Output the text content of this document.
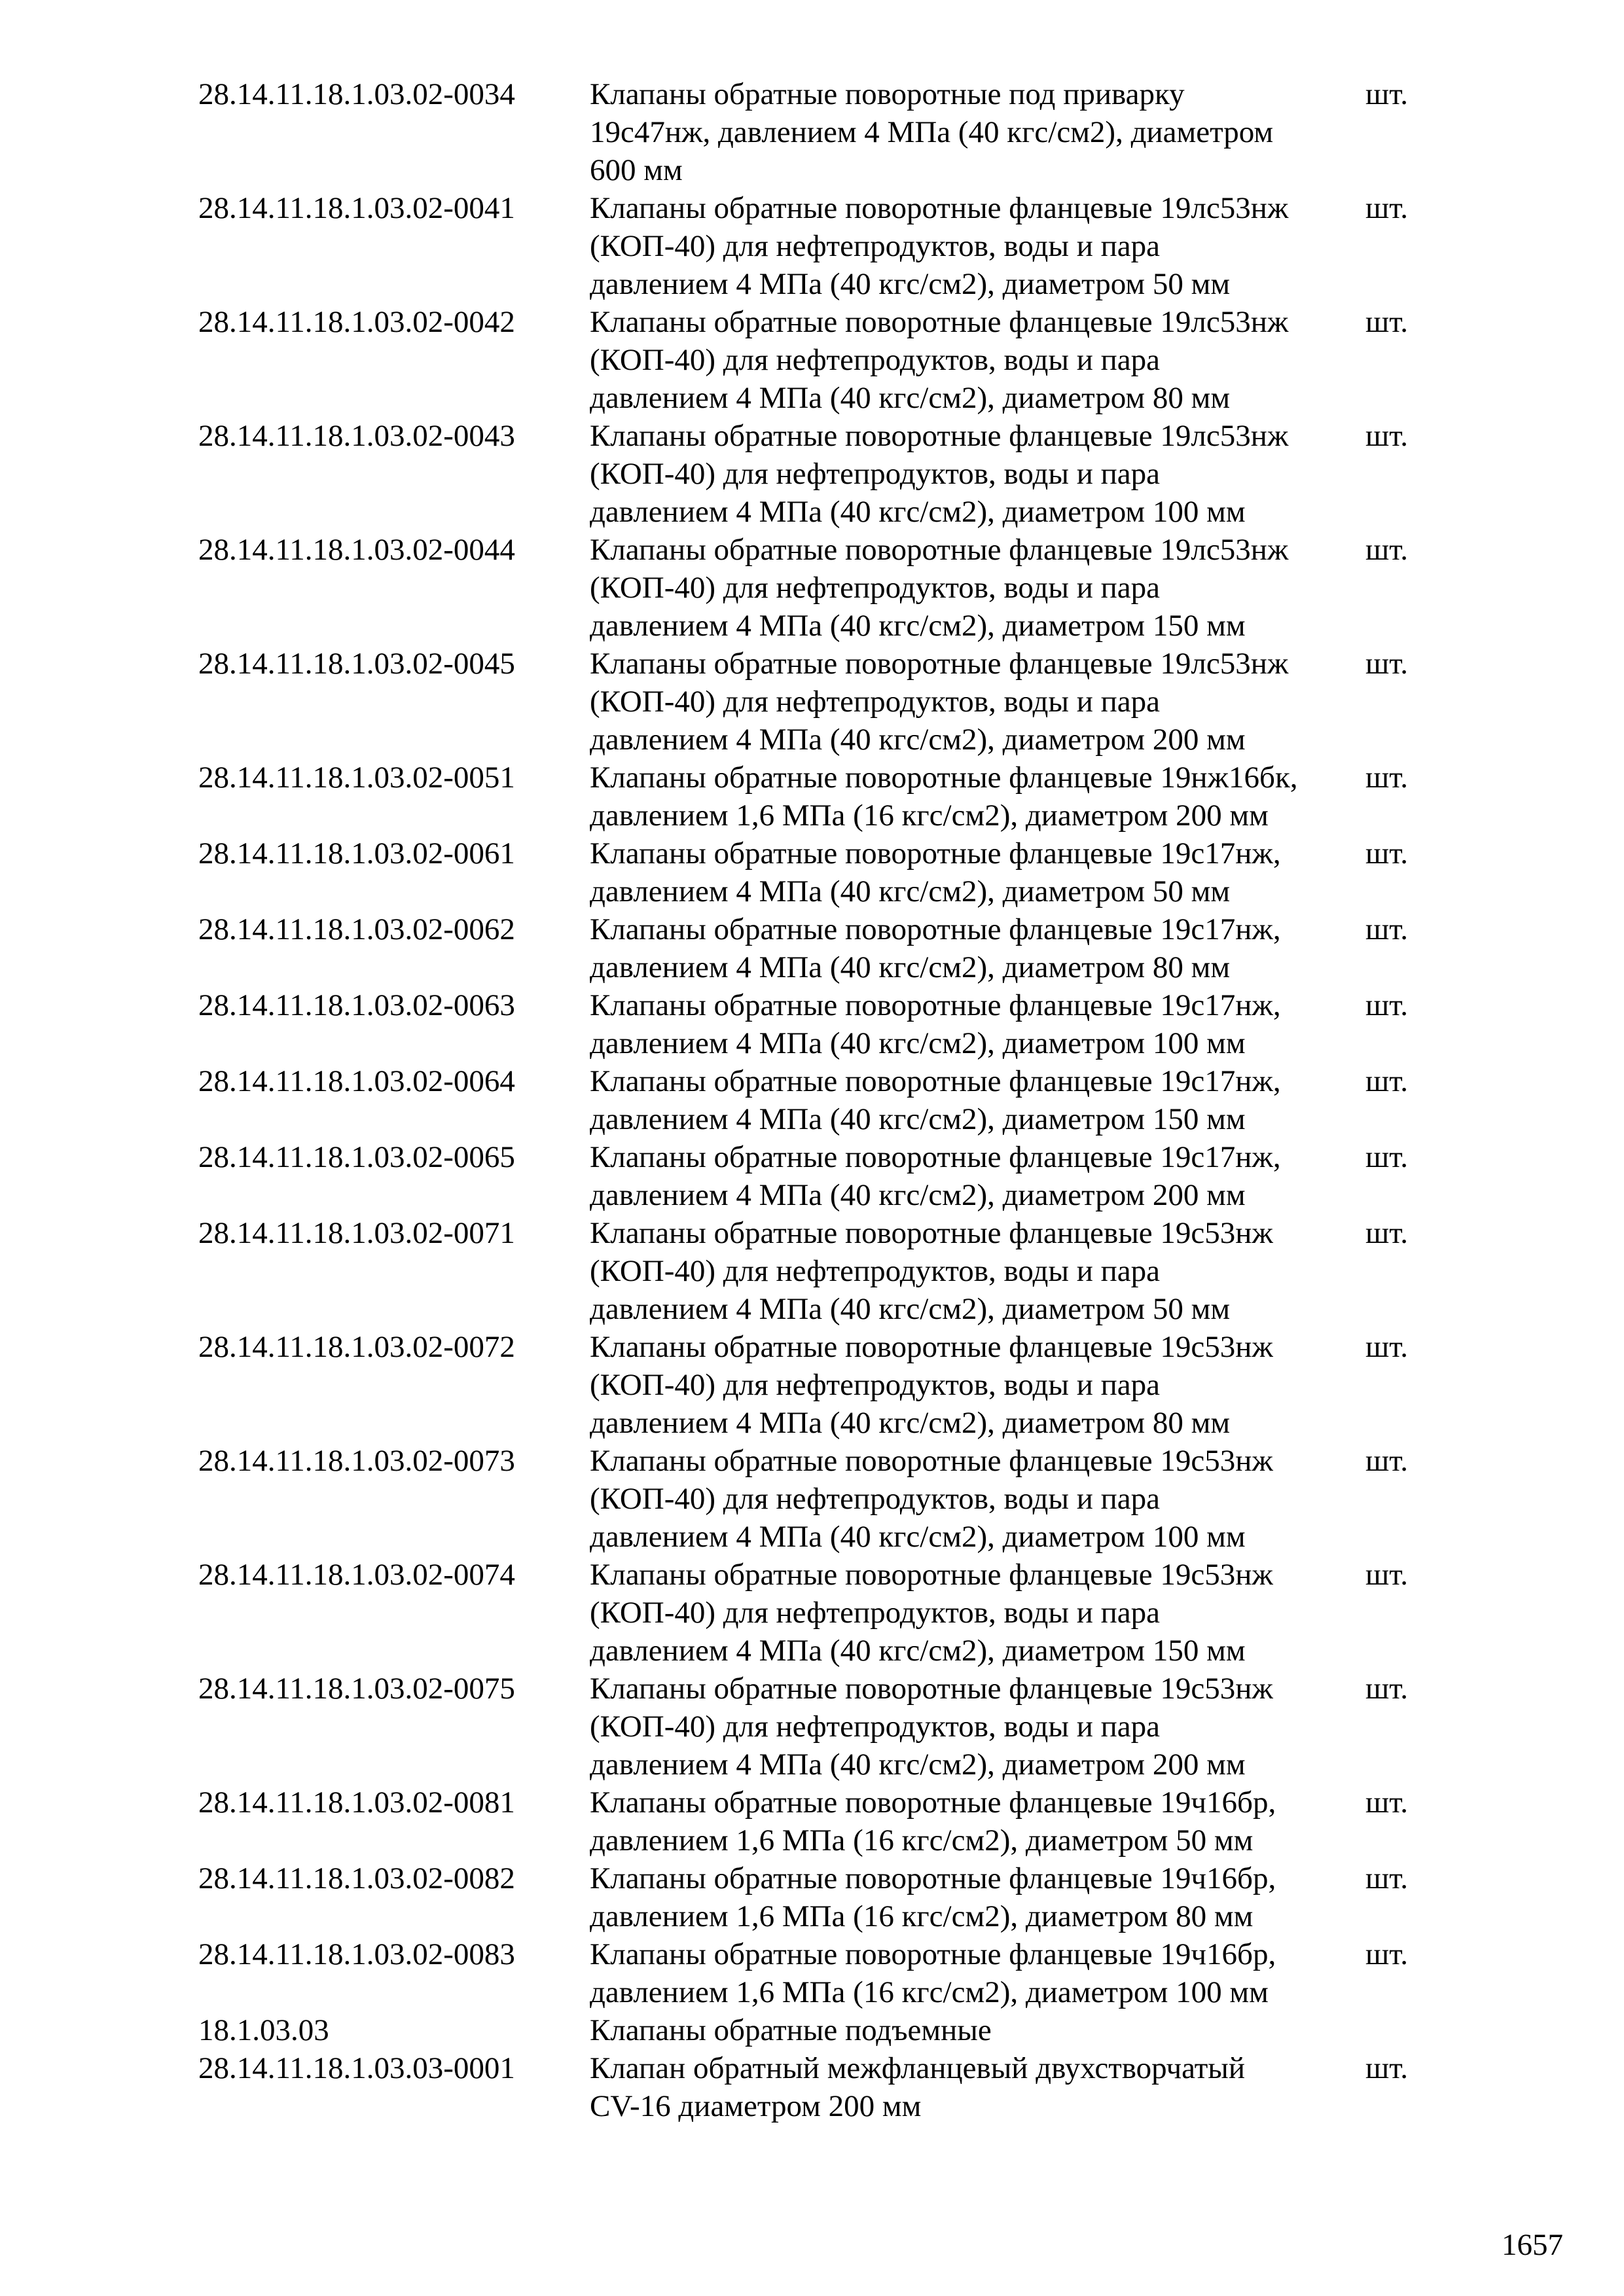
28.14.11.18.1.03.02-0034	Клапаны обратные поворотные под приварку
19с47нж, давлением 4 МПа (40 кгс/см2), диаметром
600 мм
шт.
28.14.11.18.1.03.02-0041	Клапаны обратные поворотные фланцевые 19лс53нж
(КОП-40) для нефтепродуктов, воды и пара
давлением 4 МПа (40 кгс/см2), диаметром 50 мм
шт.
28.14.11.18.1.03.02-0042	Клапаны обратные поворотные фланцевые 19лс53нж
(КОП-40) для нефтепродуктов, воды и пара
давлением 4 МПа (40 кгс/см2), диаметром 80 мм
шт.
28.14.11.18.1.03.02-0043	Клапаны обратные поворотные фланцевые 19лс53нж
(КОП-40) для нефтепродуктов, воды и пара
давлением 4 МПа (40 кгс/см2), диаметром 100 мм
шт.
28.14.11.18.1.03.02-0044	Клапаны обратные поворотные фланцевые 19лс53нж
(КОП-40) для нефтепродуктов, воды и пара
давлением 4 МПа (40 кгс/см2), диаметром 150 мм
шт.
28.14.11.18.1.03.02-0045	Клапаны обратные поворотные фланцевые 19лс53нж
(КОП-40) для нефтепродуктов, воды и пара
давлением 4 МПа (40 кгс/см2), диаметром 200 мм
шт.
28.14.11.18.1.03.02-0051	Клапаны обратные поворотные фланцевые 19нж16бк,
давлением 1,6 МПа (16 кгс/см2), диаметром 200 мм
шт.
28.14.11.18.1.03.02-0061	Клапаны обратные поворотные фланцевые 19с17нж,
давлением 4 МПа (40 кгс/см2), диаметром 50 мм
шт.
28.14.11.18.1.03.02-0062	Клапаны обратные поворотные фланцевые 19с17нж,
давлением 4 МПа (40 кгс/см2), диаметром 80 мм
шт.
28.14.11.18.1.03.02-0063	Клапаны обратные поворотные фланцевые 19с17нж,
давлением 4 МПа (40 кгс/см2), диаметром 100 мм
шт.
28.14.11.18.1.03.02-0064	Клапаны обратные поворотные фланцевые 19с17нж,
давлением 4 МПа (40 кгс/см2), диаметром 150 мм
шт.
28.14.11.18.1.03.02-0065	Клапаны обратные поворотные фланцевые 19с17нж,
давлением 4 МПа (40 кгс/см2), диаметром 200 мм
шт.
28.14.11.18.1.03.02-0071	Клапаны обратные поворотные фланцевые 19с53нж
(КОП-40) для нефтепродуктов, воды и пара
давлением 4 МПа (40 кгс/см2), диаметром 50 мм
шт.
28.14.11.18.1.03.02-0072	Клапаны обратные поворотные фланцевые 19с53нж
(КОП-40) для нефтепродуктов, воды и пара
давлением 4 МПа (40 кгс/см2), диаметром 80 мм
шт.
28.14.11.18.1.03.02-0073	Клапаны обратные поворотные фланцевые 19с53нж
(КОП-40) для нефтепродуктов, воды и пара
давлением 4 МПа (40 кгс/см2), диаметром 100 мм
шт.
28.14.11.18.1.03.02-0074	Клапаны обратные поворотные фланцевые 19с53нж
(КОП-40) для нефтепродуктов, воды и пара
давлением 4 МПа (40 кгс/см2), диаметром 150 мм
шт.
28.14.11.18.1.03.02-0075	Клапаны обратные поворотные фланцевые 19с53нж
(КОП-40) для нефтепродуктов, воды и пара
давлением 4 МПа (40 кгс/см2), диаметром 200 мм
шт.
28.14.11.18.1.03.02-0081	Клапаны обратные поворотные фланцевые 19ч16бр,
давлением 1,6 МПа (16 кгс/см2), диаметром 50 мм
шт.
28.14.11.18.1.03.02-0082	Клапаны обратные поворотные фланцевые 19ч16бр,
давлением 1,6 МПа (16 кгс/см2), диаметром 80 мм
шт.
28.14.11.18.1.03.02-0083	Клапаны обратные поворотные фланцевые 19ч16бр,
давлением 1,6 МПа (16 кгс/см2), диаметром 100 мм
шт.
18.1.03.03	Клапаны обратные подъемные
28.14.11.18.1.03.03-0001	Клапан обратный межфланцевый двухстворчатый
CV-16 диаметром 200 мм
шт.
1657
